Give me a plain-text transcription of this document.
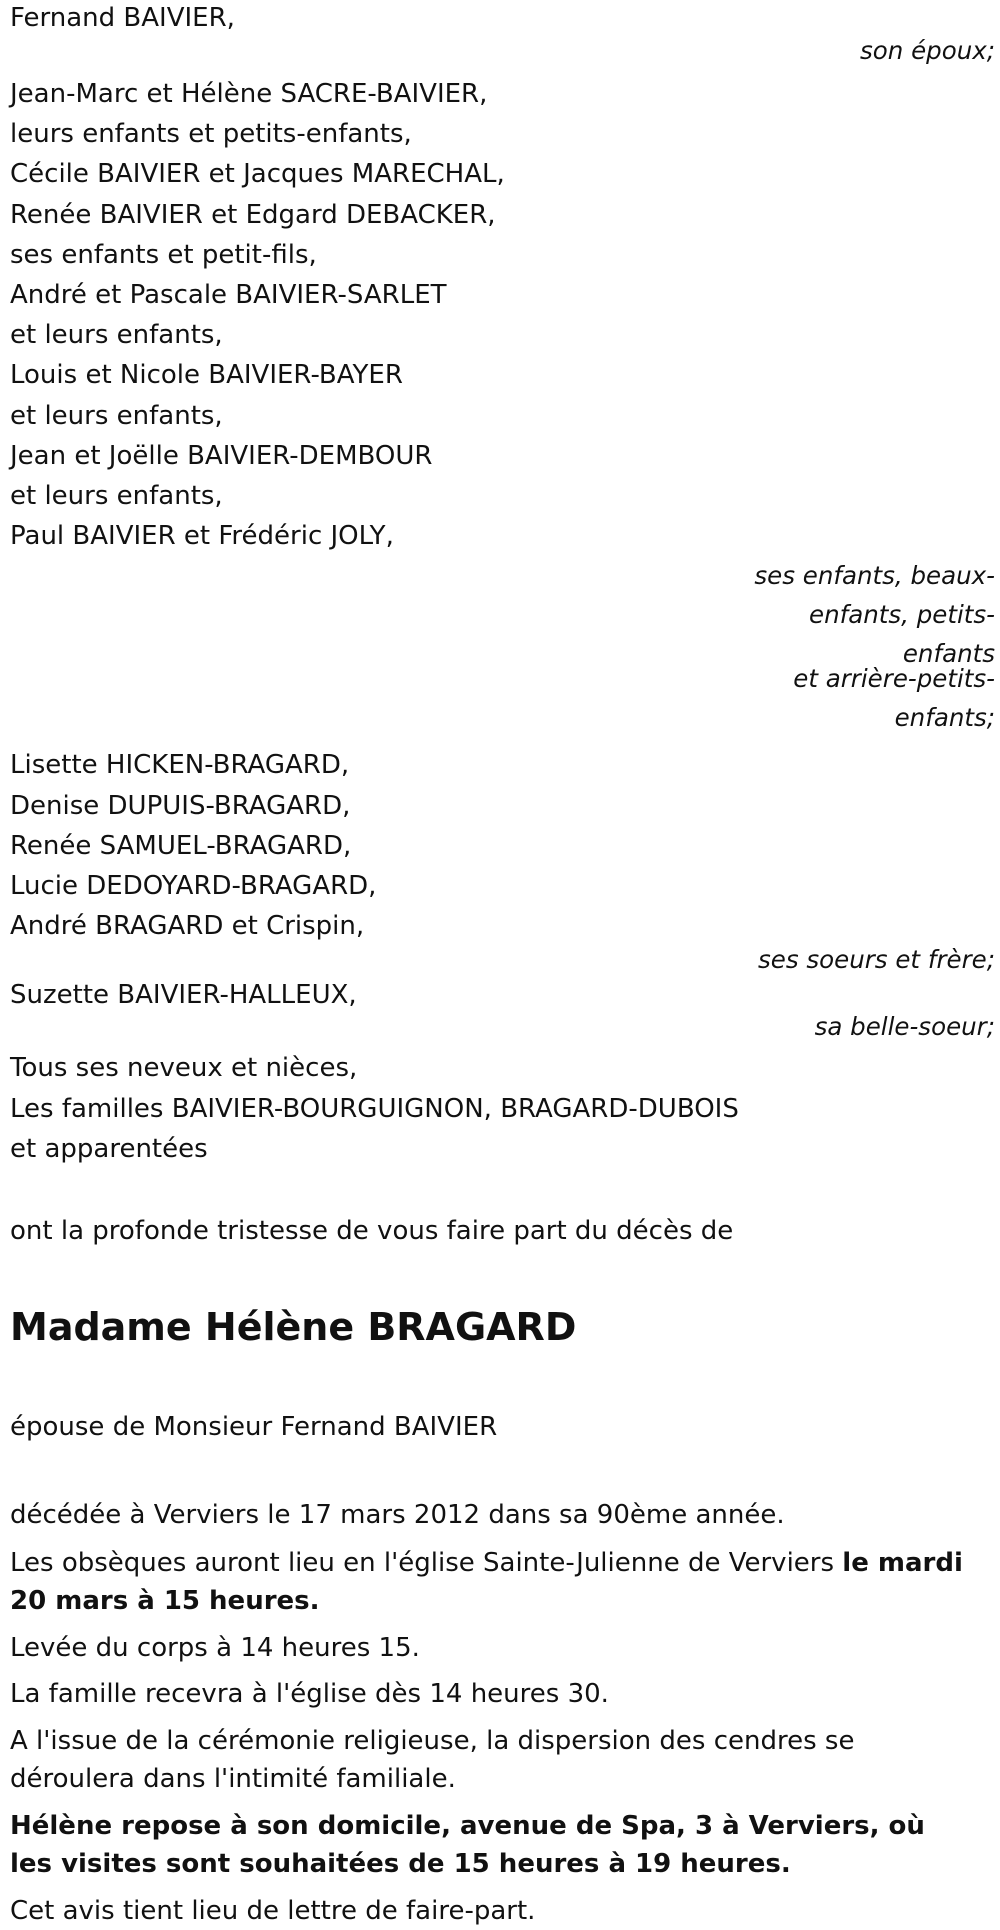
Fernand BAIVIER,
son époux;
Jean-Marc et Hélène SACRE-BAIVIER,
leurs enfants et petits-enfants,
Cécile BAIVIER et Jacques MARECHAL,
Renée BAIVIER et Edgard DEBACKER,
ses enfants et petit-fils,
André et Pascale BAIVIER-SARLET
et leurs enfants,
Louis et Nicole BAIVIER-BAYER
et leurs enfants,
Jean et Joëlle BAIVIER-DEMBOUR
et leurs enfants,
Paul BAIVIER et Frédéric JOLY,
ses enfants, beaux-enfants, petits-enfants
et arrière-petits-enfants;
Lisette HICKEN-BRAGARD,
Denise DUPUIS-BRAGARD,
Renée SAMUEL-BRAGARD,
Lucie DEDOYARD-BRAGARD,
André BRAGARD et Crispin,
ses soeurs et frère;
Suzette BAIVIER-HALLEUX,
sa belle-soeur;
Tous ses neveux et nièces,
Les familles BAIVIER-BOURGUIGNON, BRAGARD-DUBOIS
et apparentées
ont la profonde tristesse de vous faire part du décès de
Madame Hélène BRAGARD
épouse de Monsieur Fernand BAIVIER
décédée à Verviers le 17 mars 2012 dans sa 90ème année.
Les obsèques auront lieu en l'église Sainte-Julienne de Verviers le mardi 20 mars à 15 heures.
Levée du corps à 14 heures 15.
La famille recevra à l'église dès 14 heures 30.
A l'issue de la cérémonie religieuse, la dispersion des cendres se déroulera dans l'intimité familiale.
Hélène repose à son domicile, avenue de Spa, 3 à Verviers, où les visites sont souhaitées de 15 heures à 19 heures.
Cet avis tient lieu de lettre de faire-part.
